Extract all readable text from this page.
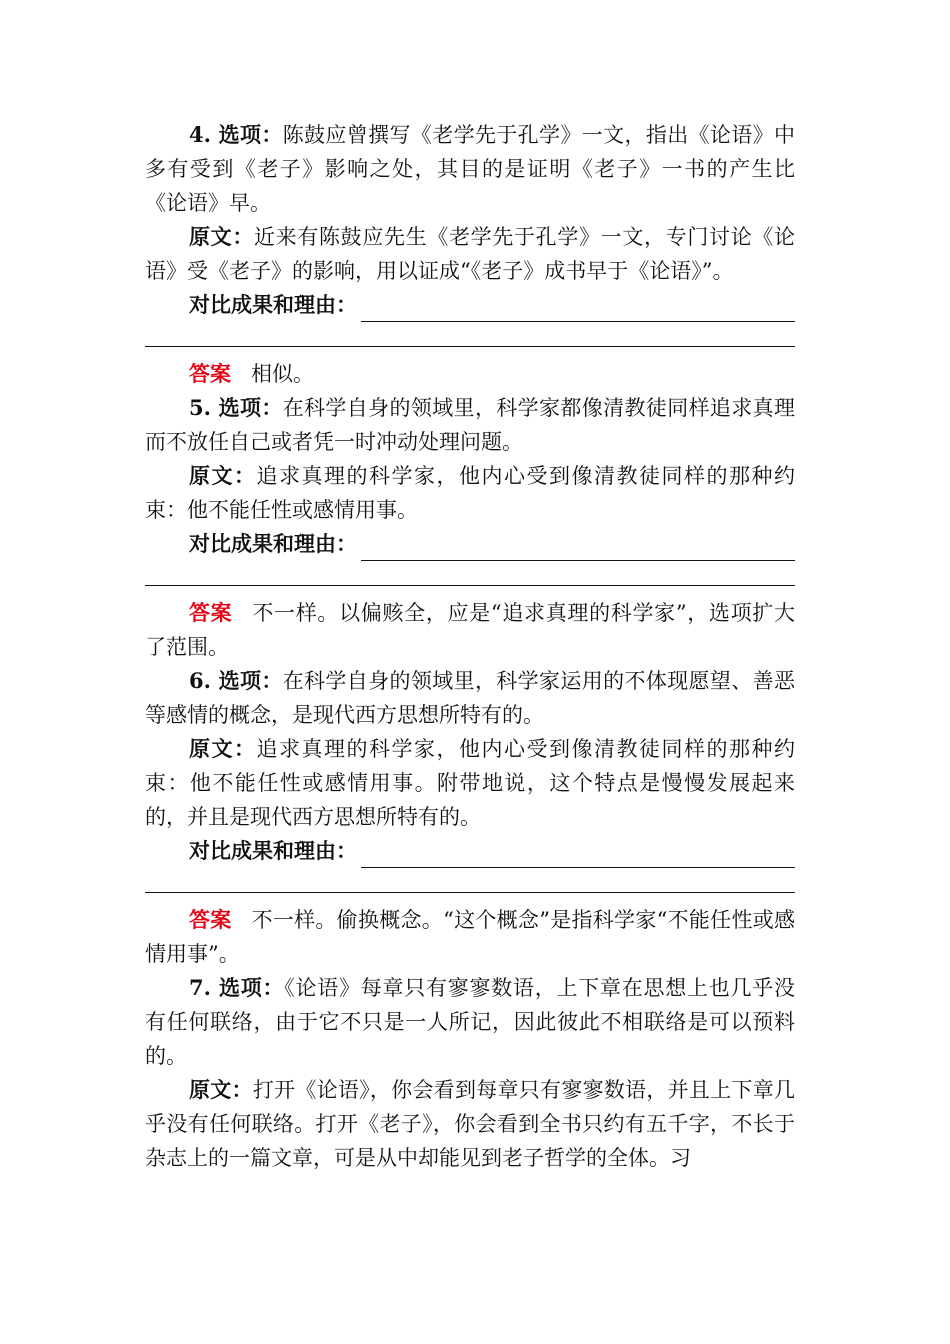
4. 选项：陈鼓应曾撰写《老学先于孔学》一文，指出《论语》中多有受到《老子》影响之处，其目的是证明《老子》一书的产生比《论语》早。

原文：近来有陈鼓应先生《老学先于孔学》一文，专门讨论《论语》受《老子》的影响，用以证成“《老子》成书早于《论语》”。

对比成果和理由：

答案 相似。

5. 选项：在科学自身的领域里，科学家都像清教徒同样追求真理而不放任自己或者凭一时冲动处理问题。

原文：追求真理的科学家，他内心受到像清教徒同样的那种约束：他不能任性或感情用事。

对比成果和理由：

答案 不一样。以偏赅全，应是“追求真理的科学家”，选项扩大了范围。

6. 选项：在科学自身的领域里，科学家运用的不体现愿望、善恶等感情的概念，是现代西方思想所特有的。

原文：追求真理的科学家，他内心受到像清教徒同样的那种约束：他不能任性或感情用事。附带地说，这个特点是慢慢发展起来的，并且是现代西方思想所特有的。

对比成果和理由：

答案 不一样。偷换概念。“这个概念”是指科学家“不能任性或感情用事”。

7. 选项：《论语》每章只有寥寥数语，上下章在思想上也几乎没有任何联络，由于它不只是一人所记，因此彼此不相联络是可以预料的。

原文：打开《论语》，你会看到每章只有寥寥数语，并且上下章几乎没有任何联络。打开《老子》，你会看到全书只约有五千字，不长于杂志上的一篇文章，可是从中却能见到老子哲学的全体。习
